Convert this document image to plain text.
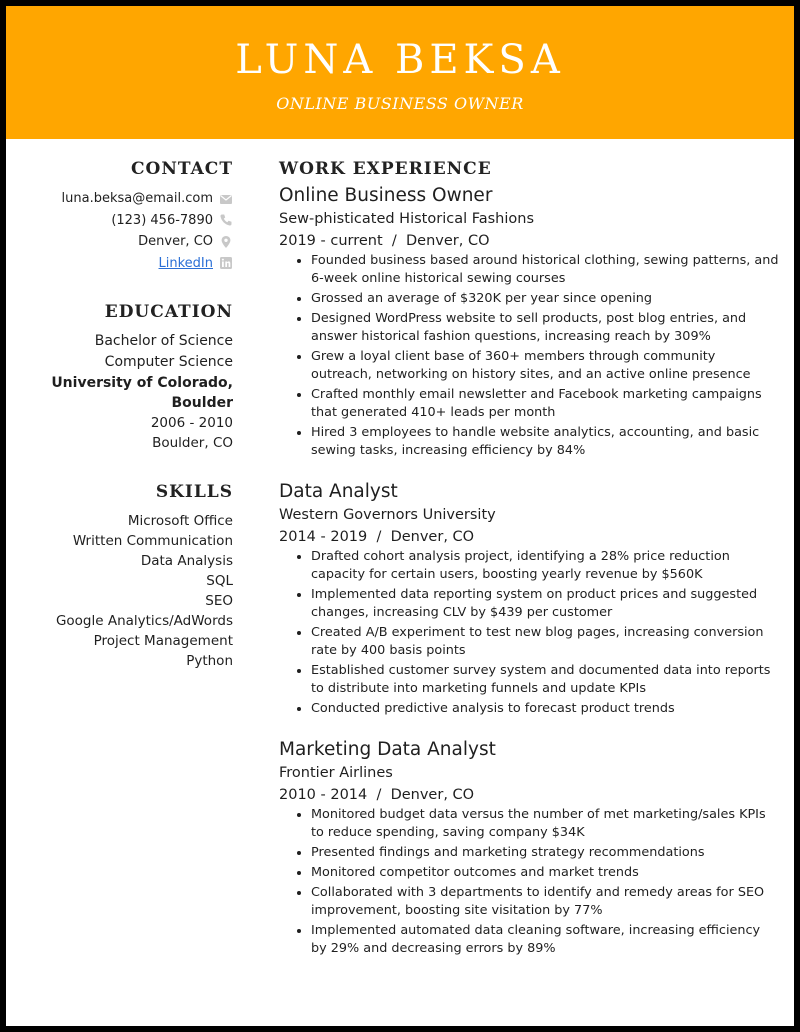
LUNA BEKSA
ONLINE BUSINESS OWNER
CONTACT
luna.beksa@email.com
(123) 456-7890
Denver, CO
LinkedIn
EDUCATION
Bachelor of Science
Computer Science
University of Colorado, Boulder
2006 - 2010
Boulder, CO
SKILLS
Microsoft Office
Written Communication
Data Analysis
SQL
SEO
Google Analytics/AdWords
Project Management
Python
WORK EXPERIENCE
Online Business Owner
Sew-phisticated Historical Fashions
2019 - current  /  Denver, CO
Founded business based around historical clothing, sewing patterns, and 6-week online historical sewing courses
Grossed an average of $320K per year since opening
Designed WordPress website to sell products, post blog entries, and answer historical fashion questions, increasing reach by 309%
Grew a loyal client base of 360+ members through community outreach, networking on history sites, and an active online presence
Crafted monthly email newsletter and Facebook marketing campaigns that generated 410+ leads per month
Hired 3 employees to handle website analytics, accounting, and basic sewing tasks, increasing efficiency by 84%
Data Analyst
Western Governors University
2014 - 2019  /  Denver, CO
Drafted cohort analysis project, identifying a 28% price reduction capacity for certain users, boosting yearly revenue by $560K
Implemented data reporting system on product prices and suggested changes, increasing CLV by $439 per customer
Created A/B experiment to test new blog pages, increasing conversion rate by 400 basis points
Established customer survey system and documented data into reports to distribute into marketing funnels and update KPIs
Conducted predictive analysis to forecast product trends
Marketing Data Analyst
Frontier Airlines
2010 - 2014  /  Denver, CO
Monitored budget data versus the number of met marketing/sales KPIs to reduce spending, saving company $34K
Presented findings and marketing strategy recommendations
Monitored competitor outcomes and market trends
Collaborated with 3 departments to identify and remedy areas for SEO improvement, boosting site visitation by 77%
Implemented automated data cleaning software, increasing efficiency by 29% and decreasing errors by 89%
